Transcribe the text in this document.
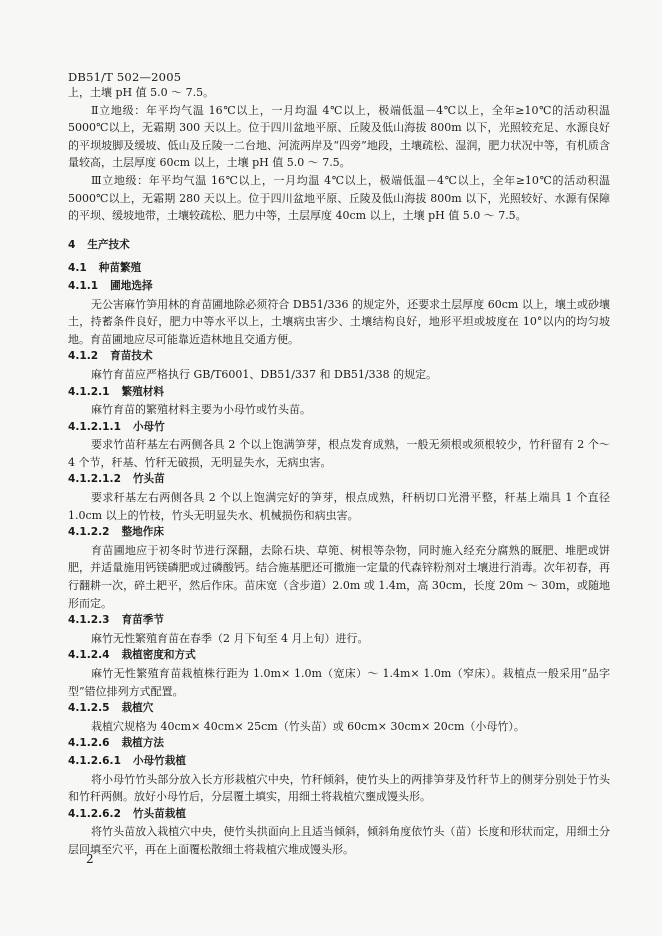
DB51/T 502—2005

上，土壤 pH 值 5.0 ～ 7.5。

Ⅱ立地级：年平均气温 16℃以上，一月均温 4℃以上，极端低温－4℃以上，全年≥10℃的活动积温 5000℃以上，无霜期 300 天以上。位于四川盆地平原、丘陵及低山海拔 800m 以下，光照较充足、水源良好的平坝坡脚及缓坡、低山及丘陵一二台地、河流两岸及“四旁”地段，土壤疏松、湿润，肥力状况中等，有机质含量较高，土层厚度 60cm 以上，土壤 pH 值 5.0 ～ 7.5。

Ⅲ立地级：年平均气温 16℃以上，一月均温 4℃以上，极端低温－4℃以上，全年≥10℃的活动积温 5000℃以上，无霜期 280 天以上。位于四川盆地平原、丘陵及低山海拔 800m 以下，光照较好、水源有保障的平坝、缓坡地带，土壤较疏松、肥力中等，土层厚度 40cm 以上，土壤 pH 值 5.0 ～ 7.5。

4 生产技术

4.1 种苗繁殖

4.1.1 圃地选择

无公害麻竹笋用林的育苗圃地除必须符合 DB51/336 的规定外，还要求土层厚度 60cm 以上，壤土或砂壤土，持蓄条件良好，肥力中等水平以上，土壤病虫害少、土壤结构良好，地形平坦或坡度在 10°以内的均匀坡地。育苗圃地应尽可能靠近造林地且交通方便。

4.1.2 育苗技术

麻竹育苗应严格执行 GB/T6001、DB51/337 和 DB51/338 的规定。

4.1.2.1 繁殖材料

麻竹育苗的繁殖材料主要为小母竹或竹头苗。

4.1.2.1.1 小母竹

要求竹苗秆基左右两侧各具 2 个以上饱满笋芽，根点发育成熟，一般无须根或须根较少，竹秆留有 2 个～ 4 个节，秆基、竹秆无破损，无明显失水，无病虫害。

4.1.2.1.2 竹头苗

要求秆基左右两侧各具 2 个以上饱满完好的笋芽，根点成熟，秆柄切口光滑平整，秆基上端具 1 个直径 1.0cm 以上的竹枝，竹头无明显失水、机械损伤和病虫害。

4.1.2.2 整地作床

育苗圃地应于初冬时节进行深翻，去除石块、草篼、树根等杂物，同时施入经充分腐熟的厩肥、堆肥或饼肥，并适量施用钙镁磷肥或过磷酸钙。结合施基肥还可撒施一定量的代森锌粉剂对土壤进行消毒。次年初春，再行翻耕一次，碎土耙平，然后作床。苗床宽（含步道）2.0m 或 1.4m，高 30cm，长度 20m ～ 30m，或随地形而定。

4.1.2.3 育苗季节

麻竹无性繁殖育苗在春季（2 月下旬至 4 月上旬）进行。

4.1.2.4 栽植密度和方式

麻竹无性繁殖育苗栽植株行距为 1.0m× 1.0m（宽床）～ 1.4m× 1.0m（窄床）。栽植点一般采用“品字型”错位排列方式配置。

4.1.2.5 栽植穴

栽植穴规格为 40cm× 40cm× 25cm（竹头苗）或 60cm× 30cm× 20cm（小母竹）。

4.1.2.6 栽植方法

4.1.2.6.1 小母竹栽植

将小母竹竹头部分放入长方形栽植穴中央，竹秆倾斜，使竹头上的两排笋芽及竹秆节上的侧芽分别处于竹头和竹秆两侧。放好小母竹后，分层覆土填实，用细土将栽植穴壅成馒头形。

4.1.2.6.2 竹头苗栽植

将竹头苗放入栽植穴中央，使竹头拱面向上且适当倾斜，倾斜角度依竹头（苗）长度和形状而定，用细土分层回填至穴平，再在上面覆松散细土将栽植穴堆成馒头形。

2
